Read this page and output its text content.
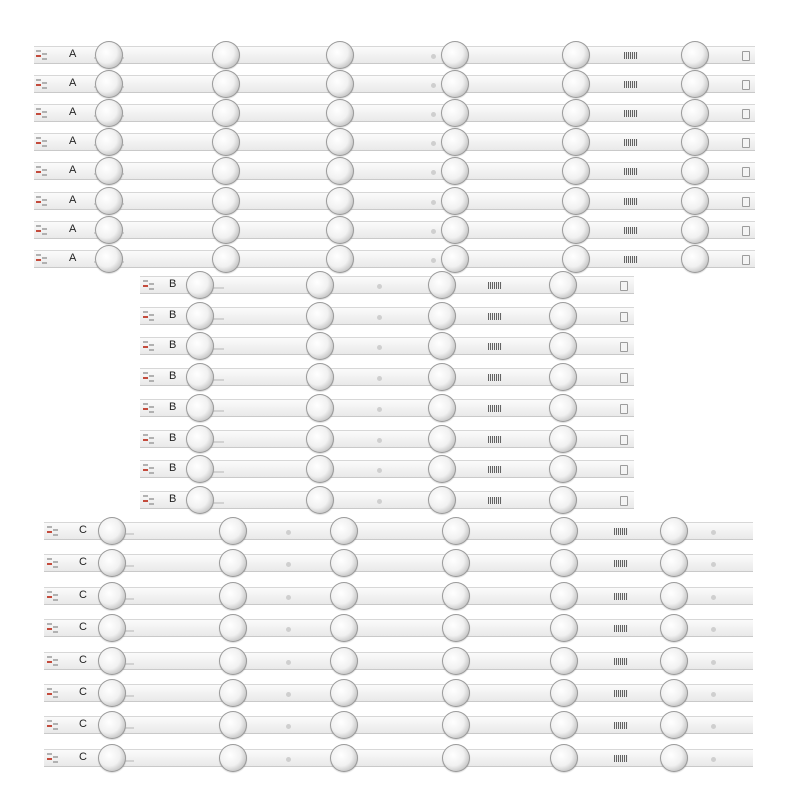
A
A
A
A
A
A
A
A
B
B
B
B
B
B
B
B
C
C
C
C
C
C
C
C
